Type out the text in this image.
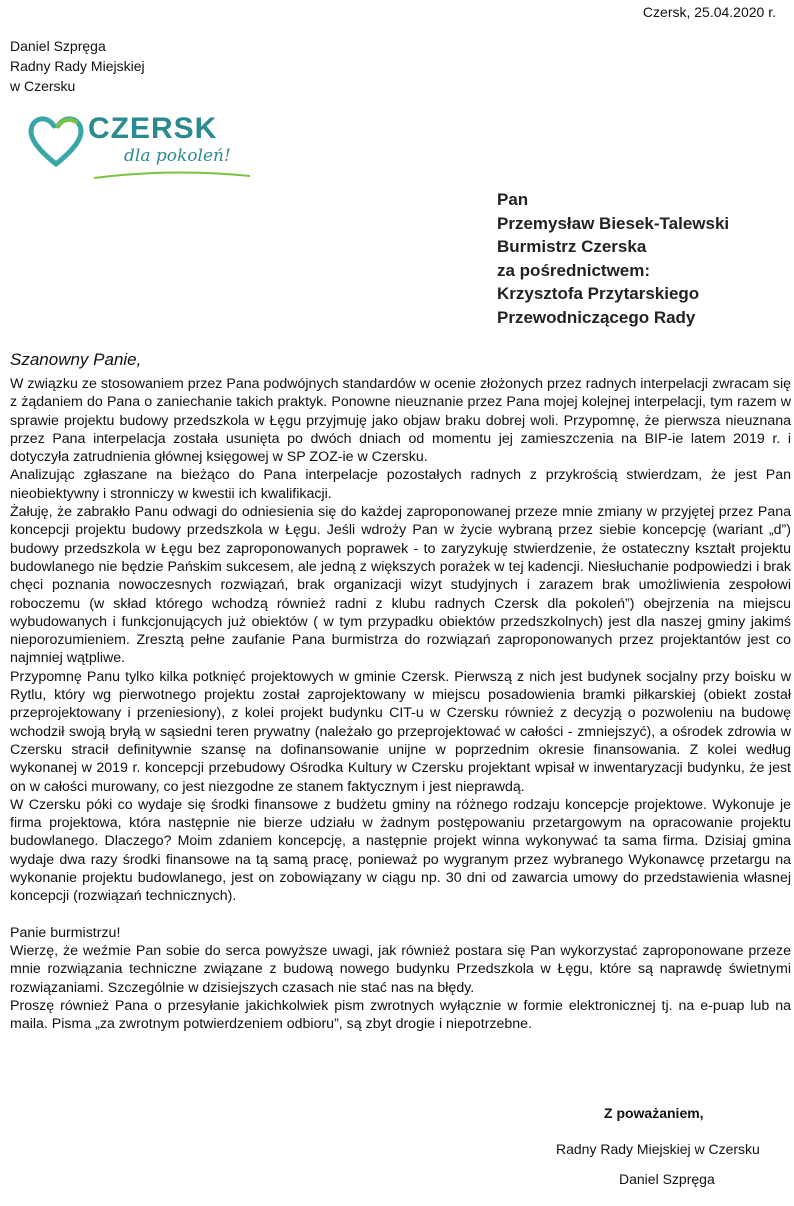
Czersk, 25.04.2020 r.
Daniel Szpręga
Radny Rady Miejskiej
w Czersku
CZERSK
dla pokoleń!
Pan
Przemysław Biesek-Talewski
Burmistrz Czerska
za pośrednictwem:
Krzysztofa Przytarskiego
Przewodniczącego Rady
Szanowny Panie,

W związku ze stosowaniem przez Pana podwójnych standardów w ocenie złożonych przez radnych interpelacji zwracam się z żądaniem do Pana o zaniechanie takich praktyk. Ponowne nieuznanie przez Pana mojej kolejnej interpelacji, tym razem w sprawie projektu budowy przedszkola w Łęgu przyjmuję jako objaw braku dobrej woli. Przypomnę, że pierwsza nieuznana przez Pana interpelacja została usunięta po dwóch dniach od momentu jej zamieszczenia na BIP-ie latem 2019 r. i dotyczyła zatrudnienia głównej księgowej w SP ZOZ-ie w Czersku.

Analizując zgłaszane na bieżąco do Pana interpelacje pozostałych radnych z przykrością stwierdzam, że jest Pan nieobiektywny i stronniczy w kwestii ich kwalifikacji.

Żałuję, że zabrakło Panu odwagi do odniesienia się do każdej zaproponowanej przeze mnie zmiany w przyjętej przez Pana koncepcji projektu budowy przedszkola w Łęgu. Jeśli wdroży Pan w życie wybraną przez siebie koncepcję (wariant „d”) budowy przedszkola w Łęgu bez zaproponowanych poprawek - to zaryzykuję stwierdzenie, że ostateczny kształt projektu budowlanego nie będzie Pańskim sukcesem, ale jedną z większych porażek w tej kadencji. Niesłuchanie podpowiedzi i brak chęci poznania nowoczesnych rozwiązań, brak organizacji wizyt studyjnych i zarazem brak umożliwienia zespołowi roboczemu (w skład którego wchodzą również radni z klubu radnych Czersk dla pokoleń”) obejrzenia na miejscu wybudowanych i funkcjonujących już obiektów ( w tym przypadku obiektów przedszkolnych) jest dla naszej gminy jakimś nieporozumieniem. Zresztą pełne zaufanie Pana burmistrza do rozwiązań zaproponowanych przez projektantów jest co najmniej wątpliwe.

Przypomnę Panu tylko kilka potknięć projektowych w gminie Czersk. Pierwszą z nich jest budynek socjalny przy boisku w Rytlu, który wg pierwotnego projektu został zaprojektowany w miejscu posadowienia bramki piłkarskiej (obiekt został przeprojektowany i przeniesiony), z kolei projekt budynku CIT-u w Czersku również z decyzją o pozwoleniu na budowę wchodził swoją bryłą w sąsiedni teren prywatny (należało go przeprojektować w całości - zmniejszyć), a ośrodek zdrowia w Czersku stracił definitywnie szansę na dofinansowanie unijne w poprzednim okresie finansowania. Z kolei według wykonanej w 2019 r. koncepcji przebudowy Ośrodka Kultury w Czersku projektant wpisał w inwentaryzacji budynku, że jest on w całości murowany, co jest niezgodne ze stanem faktycznym i jest nieprawdą.

W Czersku póki co wydaje się środki finansowe z budżetu gminy na różnego rodzaju koncepcje projektowe. Wykonuje je firma projektowa, która następnie nie bierze udziału w żadnym postępowaniu przetargowym na opracowanie projektu budowlanego. Dlaczego? Moim zdaniem koncepcję, a następnie projekt winna wykonywać ta sama firma. Dzisiaj gmina wydaje dwa razy środki finansowe na tą samą pracę, ponieważ po wygranym przez wybranego Wykonawcę przetargu na wykonanie projektu budowlanego, jest on zobowiązany w ciągu np. 30 dni od zawarcia umowy do przedstawienia własnej koncepcji (rozwiązań technicznych).

Panie burmistrzu!

Wierzę, że weźmie Pan sobie do serca powyższe uwagi, jak również postara się Pan wykorzystać zaproponowane przeze mnie rozwiązania techniczne związane z budową nowego budynku Przedszkola w Łęgu, które są naprawdę świetnymi rozwiązaniami. Szczególnie w dzisiejszych czasach nie stać nas na błędy.

Proszę również Pana o przesyłanie jakichkolwiek pism zwrotnych wyłącznie w formie elektronicznej tj. na e-puap lub na maila. Pisma „za zwrotnym potwierdzeniem odbioru”, są zbyt drogie i niepotrzebne.

Z poważaniem,
Radny Rady Miejskiej w Czersku
Daniel Szpręga
